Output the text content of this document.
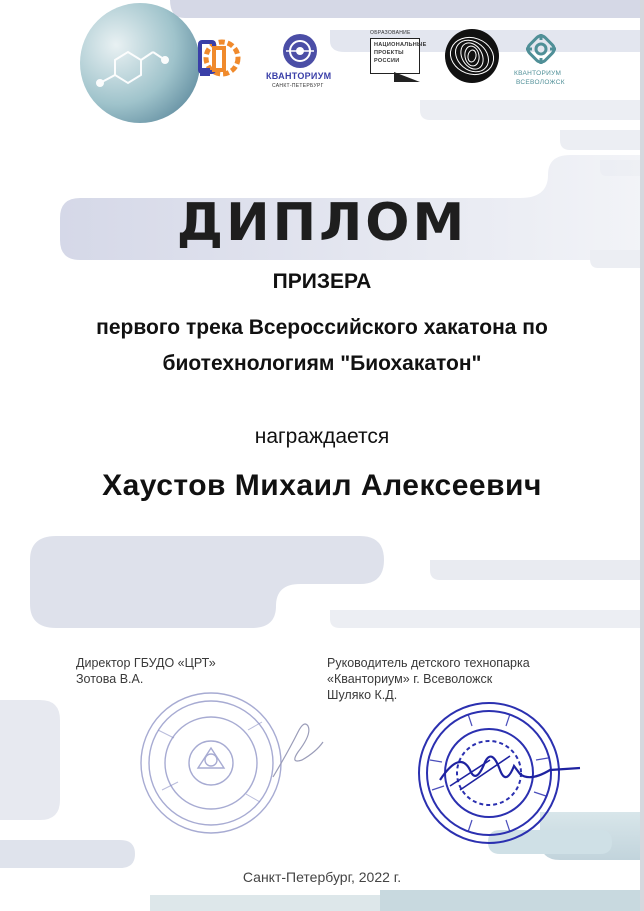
КВАНТОРИУМ
САНКТ-ПЕТЕРБУРГ
ОБРАЗОВАНИЕ
НАЦИОНАЛЬНЫЕ
ПРОЕКТЫ
РОССИИ
КВАНТОРИУМ
ВСЕВОЛОЖСК
ДИПЛОМ
ПРИЗЕРА
первого трека Всероссийского хакатона по
биотехнологиям "Биохакатон"
награждается
Хаустов Михаил Алексеевич
Директор ГБУДО «ЦРТ»
Зотова В.А.
Руководитель детского технопарка
«Кванториум» г. Всеволожск
Шуляко К.Д.
Санкт-Петербург, 2022 г.
